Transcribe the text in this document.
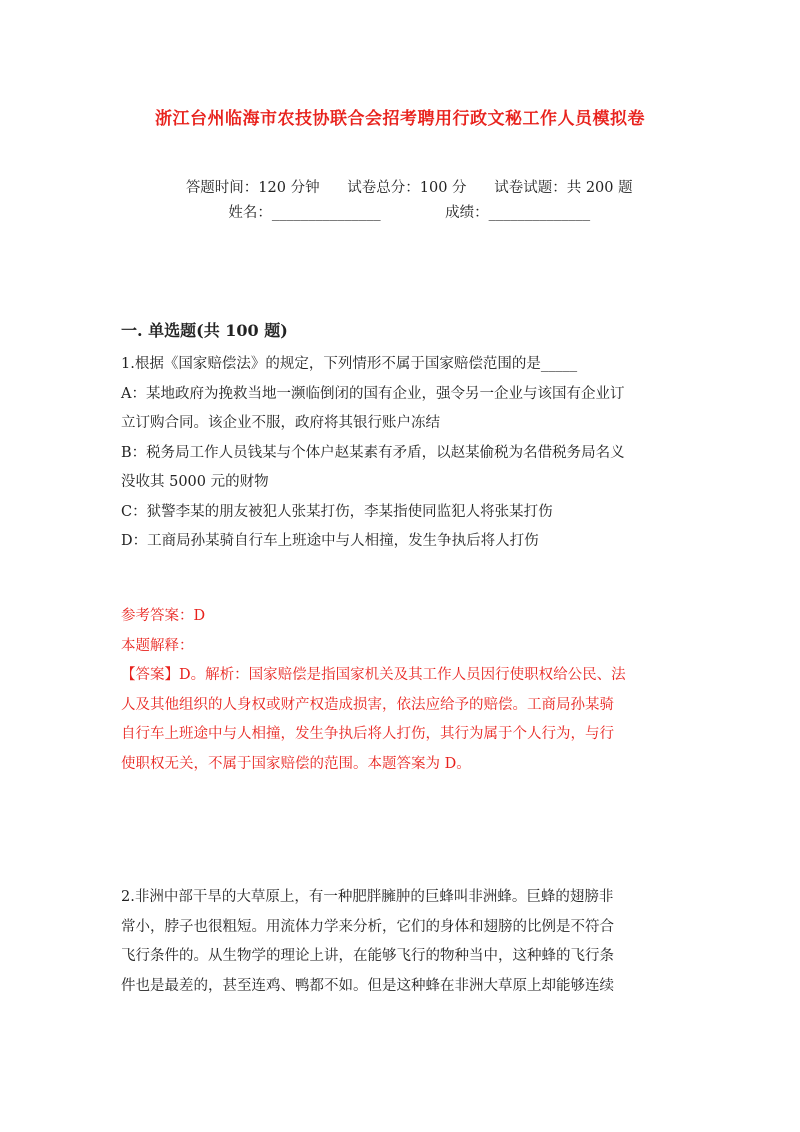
浙江台州临海市农技协联合会招考聘用行政文秘工作人员模拟卷

答题时间：120 分钟 试卷总分：100 分 试卷试题：共 200 题

姓名：_______________	成绩：______________

一. 单选题(共 100 题)

1.根据《国家赔偿法》的规定，下列情形不属于国家赔偿范围的是_____

A：某地政府为挽救当地一濒临倒闭的国有企业，强令另一企业与该国有企业订

立订购合同。该企业不服，政府将其银行账户冻结

B：税务局工作人员钱某与个体户赵某素有矛盾，以赵某偷税为名借税务局名义

没收其 5000 元的财物

C：狱警李某的朋友被犯人张某打伤，李某指使同监犯人将张某打伤

D：工商局孙某骑自行车上班途中与人相撞，发生争执后将人打伤

参考答案：D

本题解释：

【答案】D。解析：国家赔偿是指国家机关及其工作人员因行使职权给公民、法

人及其他组织的人身权或财产权造成损害，依法应给予的赔偿。工商局孙某骑

自行车上班途中与人相撞，发生争执后将人打伤，其行为属于个人行为，与行

使职权无关，不属于国家赔偿的范围。本题答案为 D。

2.非洲中部干旱的大草原上，有一种肥胖臃肿的巨蜂叫非洲蜂。巨蜂的翅膀非

常小，脖子也很粗短。用流体力学来分析，它们的身体和翅膀的比例是不符合

飞行条件的。从生物学的理论上讲，在能够飞行的物种当中，这种蜂的飞行条

件也是最差的，甚至连鸡、鸭都不如。但是这种蜂在非洲大草原上却能够连续
